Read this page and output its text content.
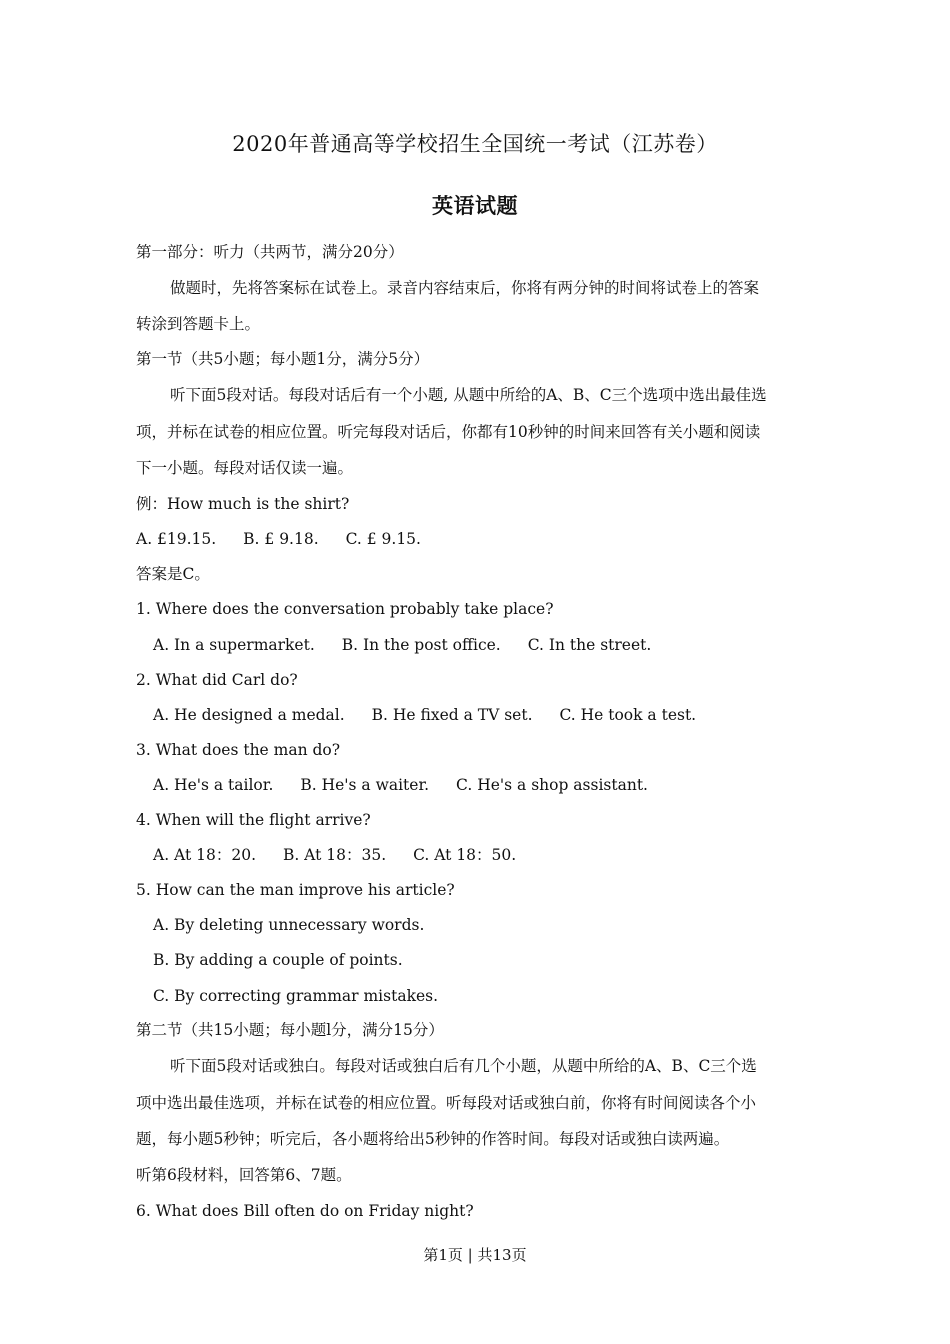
2020年普通高等学校招生全国统一考试（江苏卷）
英语试题
第一部分：听力（共两节，满分20分）
做题时，先将答案标在试卷上。录音内容结束后，你将有两分钟的时间将试卷上的答案
转涂到答题卡上。
第一节（共5小题；每小题1分，满分5分）
听下面5段对话。每段对话后有一个小题, 从题中所给的A、B、C三个选项中选出最佳选
项，并标在试卷的相应位置。听完每段对话后，你都有10秒钟的时间来回答有关小题和阅读
下一小题。每段对话仅读一遍。
例：How much is the shirt?
A. £19.15. B. £ 9.18. C. £ 9.15.
答案是C。
1. Where does the conversation probably take place?
A. In a supermarket. B. In the post office. C. In the street.
2. What did Carl do?
A. He designed a medal. B. He fixed a TV set. C. He took a test.
3. What does the man do?
A. He's a tailor. B. He's a waiter. C. He's a shop assistant.
4. When will the flight arrive?
A. At 18：20. B. At 18：35. C. At 18：50.
5. How can the man improve his article?
A. By deleting unnecessary words.
B. By adding a couple of points.
C. By correcting grammar mistakes.
第二节（共15小题；每小题l分，满分15分）
听下面5段对话或独白。每段对话或独白后有几个小题，从题中所给的A、B、C三个选
项中选出最佳选项，并标在试卷的相应位置。听每段对话或独白前，你将有时间阅读各个小
题，每小题5秒钟；听完后，各小题将给出5秒钟的作答时间。每段对话或独白读两遍。
听第6段材料，回答第6、7题。
6. What does Bill often do on Friday night?
第1页 | 共13页
